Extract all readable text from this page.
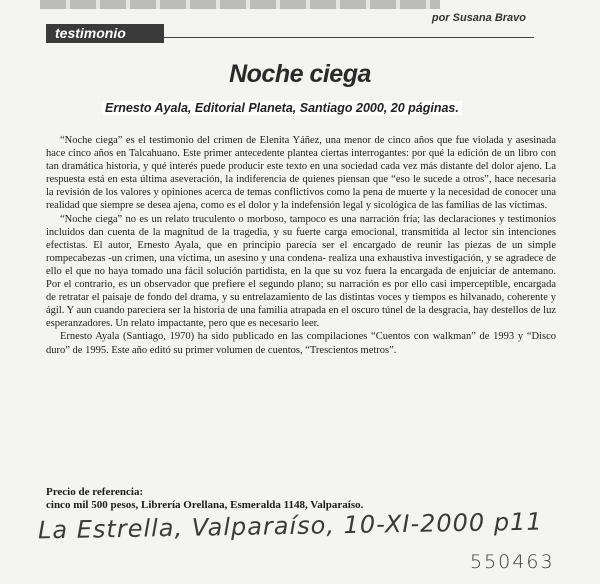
por Susana Bravo
testimonio
Noche ciega
Ernesto Ayala, Editorial Planeta, Santiago 2000, 20 páginas.

“Noche ciega” es el testimonio del crimen de Elenita Yáñez, una menor de cinco años que fue violada y asesinada hace cinco años en Talcahuano. Este primer antecedente plantea ciertas interrogantes: por qué la edición de un libro con tan dramática historia, y qué interés puede producir este texto en una sociedad cada vez más distante del dolor ajeno. La respuesta está en esta última aseveración, la indiferencia de quienes piensan que “eso le sucede a otros”, hace necesaria la revisión de los valores y opiniones acerca de temas conflictivos como la pena de muerte y la necesidad de conocer una realidad que siempre se desea ajena, como es el dolor y la indefensión legal y sicológica de las familias de las víctimas.

“Noche ciega” no es un relato truculento o morboso, tampoco es una narración fría; las declaraciones y testimonios incluidos dan cuenta de la magnitud de la tragedia, y su fuerte carga emocional, transmitida al lector sin intenciones efectistas. El autor, Ernesto Ayala, que en principio parecía ser el encargado de reunir las piezas de un simple rompecabezas -un crimen, una víctima, un asesino y una condena- realiza una exhaustiva investigación, y se agradece de ello el que no haya tomado una fácil solución partidista, en la que su voz fuera la encargada de enjuiciar de antemano. Por el contrario, es un observador que prefiere el segundo plano; su narración es por ello casi imperceptible, encargada de retratar el paisaje de fondo del drama, y su entrelazamiento de las distintas voces y tiempos es hilvanado, coherente y ágil. Y aun cuando pareciera ser la historia de una familia atrapada en el oscuro túnel de la desgracia, hay destellos de luz esperanzadores. Un relato impactante, pero que es necesario leer.

Ernesto Ayala (Santiago, 1970) ha sido publicado en las compilaciones “Cuentos con walkman” de 1993 y “Disco duro” de 1995. Este año editó su primer volumen de cuentos, “Trescientos metros”.

Precio de referencia:
cinco mil 500 pesos, Librería Orellana, Esmeralda 1148, Valparaíso.
La Estrella, Valparaíso, 10-XI-2000 p11
550463
